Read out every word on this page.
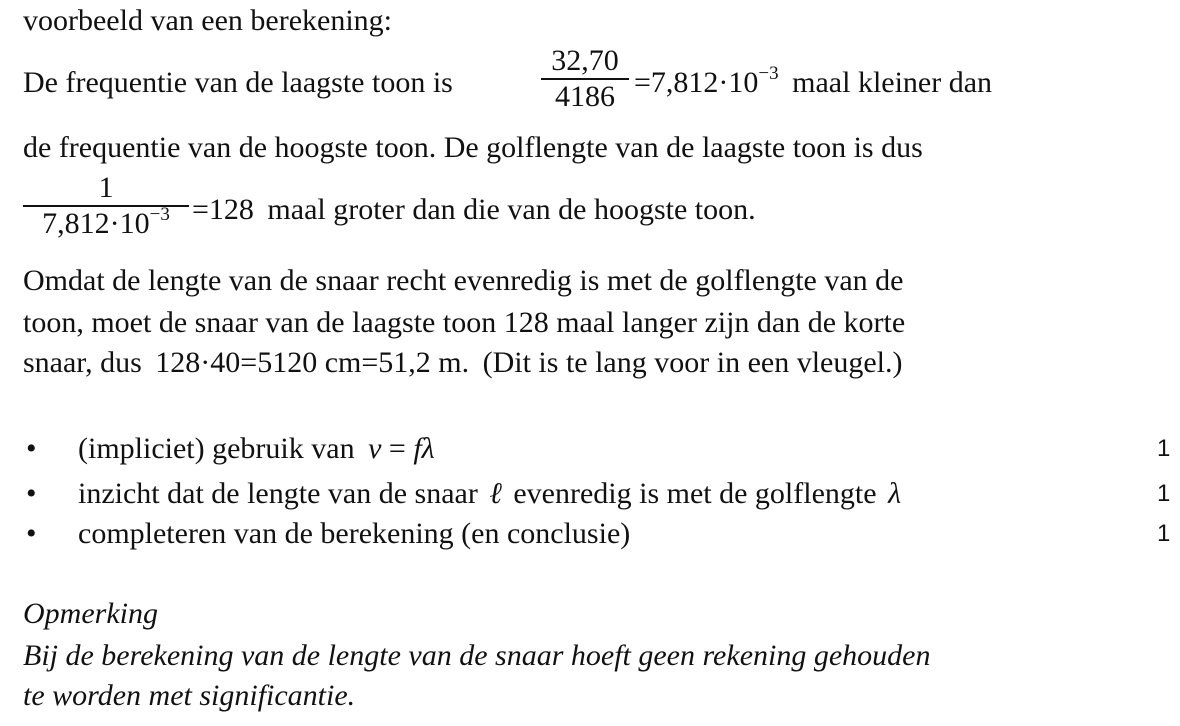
voorbeeld van een berekening:
De frequentie van de laagste toon is
32,70
$4186 =7,812\cdot 10^{-3}$ maal kleiner dan
de frequentie van de hoogste toon. De golflengte van de laagste toon is dus
1
$7,812\cdot 10^{-3} =128$ maal groter dan die van de hoogste toon.
Omdat de lengte van de snaar recht evenredig is met de golflengte van de
toon, moet de snaar van de laagste toon 128 maal langer zijn dan de korte
snaar, dus 128·40=5120 cm=51,2 m. (Dit is te lang voor in een vleugel.)
• (impliciet) gebruik van v = fλ	1
• inzicht dat de lengte van de snaar ℓ evenredig is met de golflengte λ	1
• completeren van de berekening (en conclusie)	1
Opmerking
Bij de berekening van de lengte van de snaar hoeft geen rekening gehouden
te worden met significantie.
